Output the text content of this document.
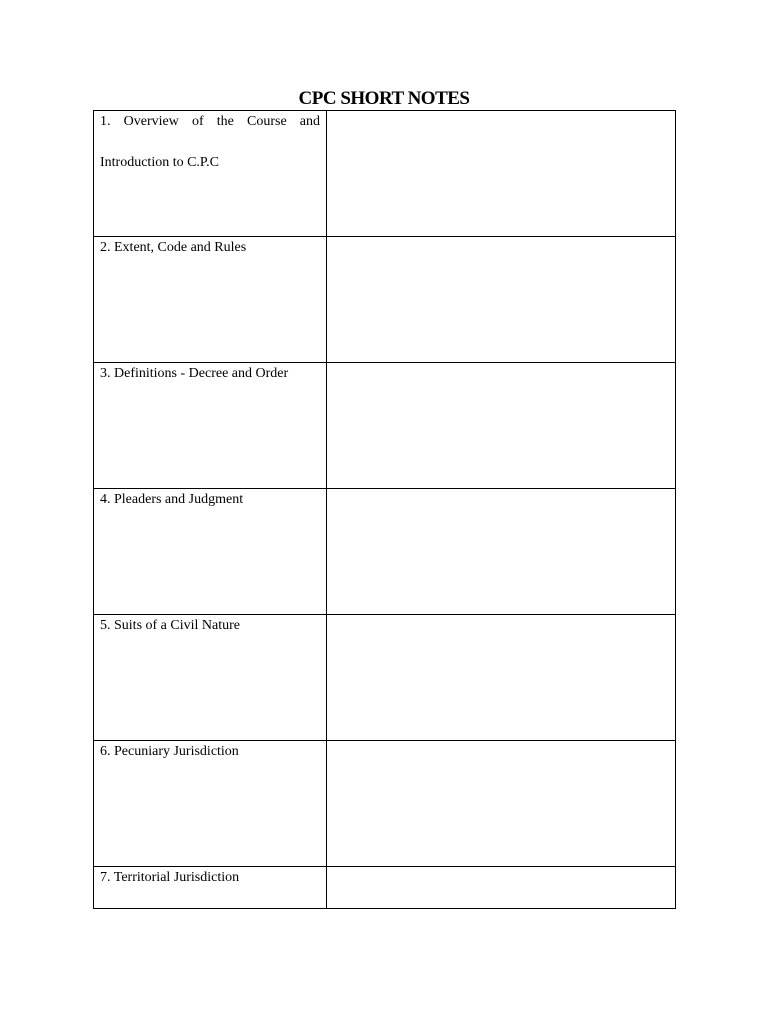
CPC SHORT NOTES
1. Overview of the Course and
Introduction to C.P.C	

2. Extent, Code and Rules	

3. Definitions - Decree and Order	

4. Pleaders and Judgment	

5. Suits of a Civil Nature	

6. Pecuniary Jurisdiction	

7. Territorial Jurisdiction	
